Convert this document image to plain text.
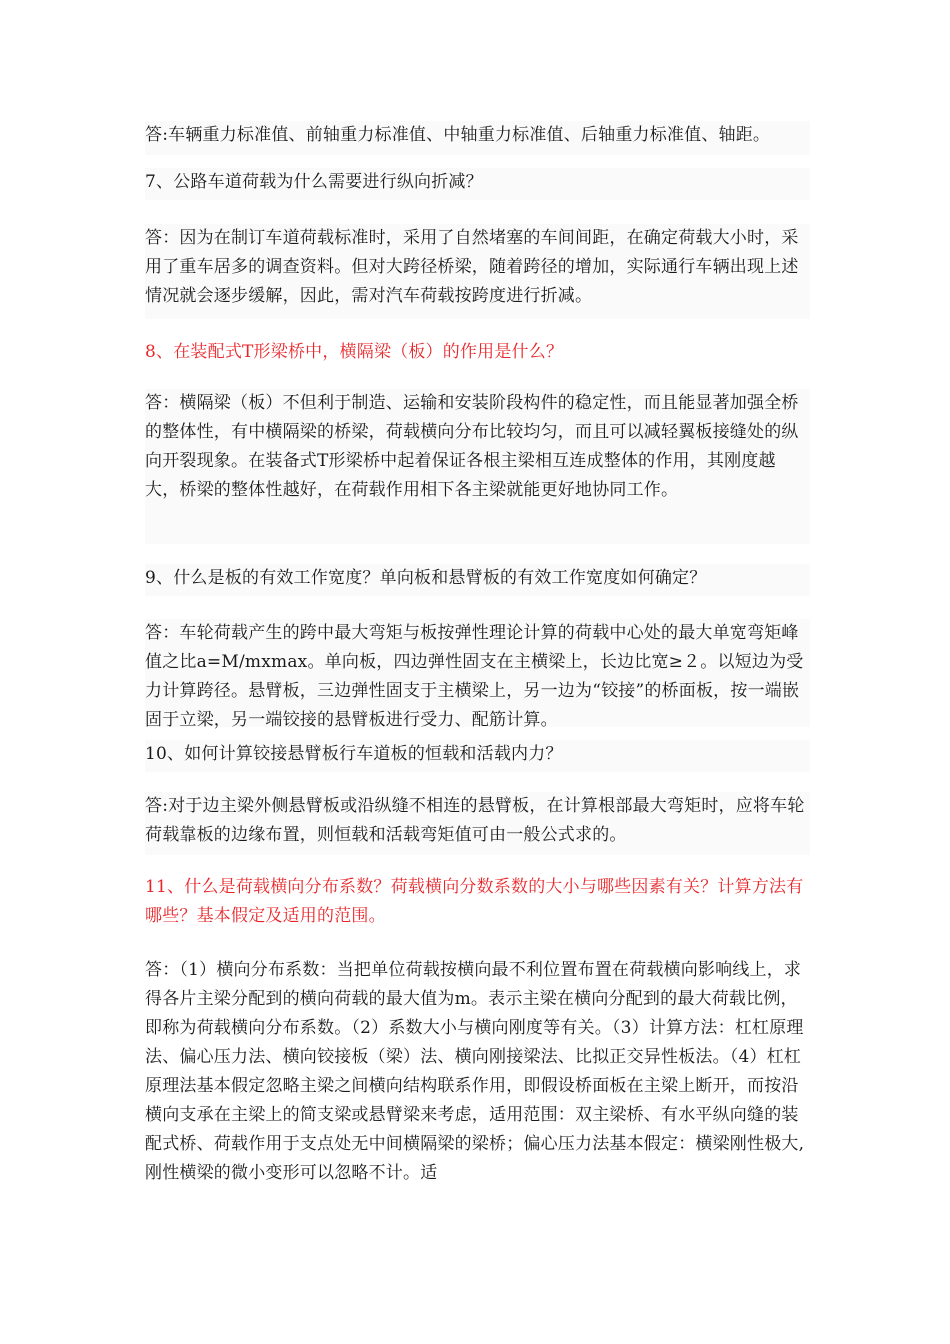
答:车辆重力标准值、前轴重力标准值、中轴重力标准值、后轴重力标准值、轴距。
7、公路车道荷载为什么需要进行纵向折减？
答：因为在制订车道荷载标准时，采用了自然堵塞的车间间距，在确定荷载大小时，采用了重车居多的调查资料。但对大跨径桥梁，随着跨径的增加，实际通行车辆出现上述情况就会逐步缓解，因此，需对汽车荷载按跨度进行折减。
8、在装配式T形梁桥中，横隔梁（板）的作用是什么？
答：横隔梁（板）不但利于制造、运输和安装阶段构件的稳定性，而且能显著加强全桥的整体性，有中横隔梁的桥梁，荷载横向分布比较均匀，而且可以减轻翼板接缝处的纵向开裂现象。在装备式T形梁桥中起着保证各根主梁相互连成整体的作用，其刚度越大，桥梁的整体性越好，在荷载作用相下各主梁就能更好地协同工作。
9、什么是板的有效工作宽度？单向板和悬臂板的有效工作宽度如何确定？
答：车轮荷载产生的跨中最大弯矩与板按弹性理论计算的荷载中心处的最大单宽弯矩峰值之比a=M/mxmax。单向板，四边弹性固支在主横梁上，长边比宽≥２。以短边为受力计算跨径。悬臂板，三边弹性固支于主横梁上，另一边为“铰接”的桥面板，按一端嵌固于立梁，另一端铰接的悬臂板进行受力、配筋计算。
10、如何计算铰接悬臂板行车道板的恒载和活载内力？
答:对于边主梁外侧悬臂板或沿纵缝不相连的悬臂板，在计算根部最大弯矩时，应将车轮荷载靠板的边缘布置，则恒载和活载弯矩值可由一般公式求的。
11、什么是荷载横向分布系数？荷载横向分数系数的大小与哪些因素有关？计算方法有哪些？基本假定及适用的范围。
答：（1）横向分布系数：当把单位荷载按横向最不利位置布置在荷载横向影响线上，求得各片主梁分配到的横向荷载的最大值为m。表示主梁在横向分配到的最大荷载比例，即称为荷载横向分布系数。（2）系数大小与横向刚度等有关。（3）计算方法：杠杠原理法、偏心压力法、横向铰接板（梁）法、横向刚接梁法、比拟正交异性板法。（4）杠杠原理法基本假定忽略主梁之间横向结构联系作用，即假设桥面板在主梁上断开，而按沿横向支承在主梁上的简支梁或悬臂梁来考虑，适用范围：双主梁桥、有水平纵向缝的装配式桥、荷载作用于支点处无中间横隔梁的梁桥；偏心压力法基本假定：横梁刚性极大,刚性横梁的微小变形可以忽略不计。适
